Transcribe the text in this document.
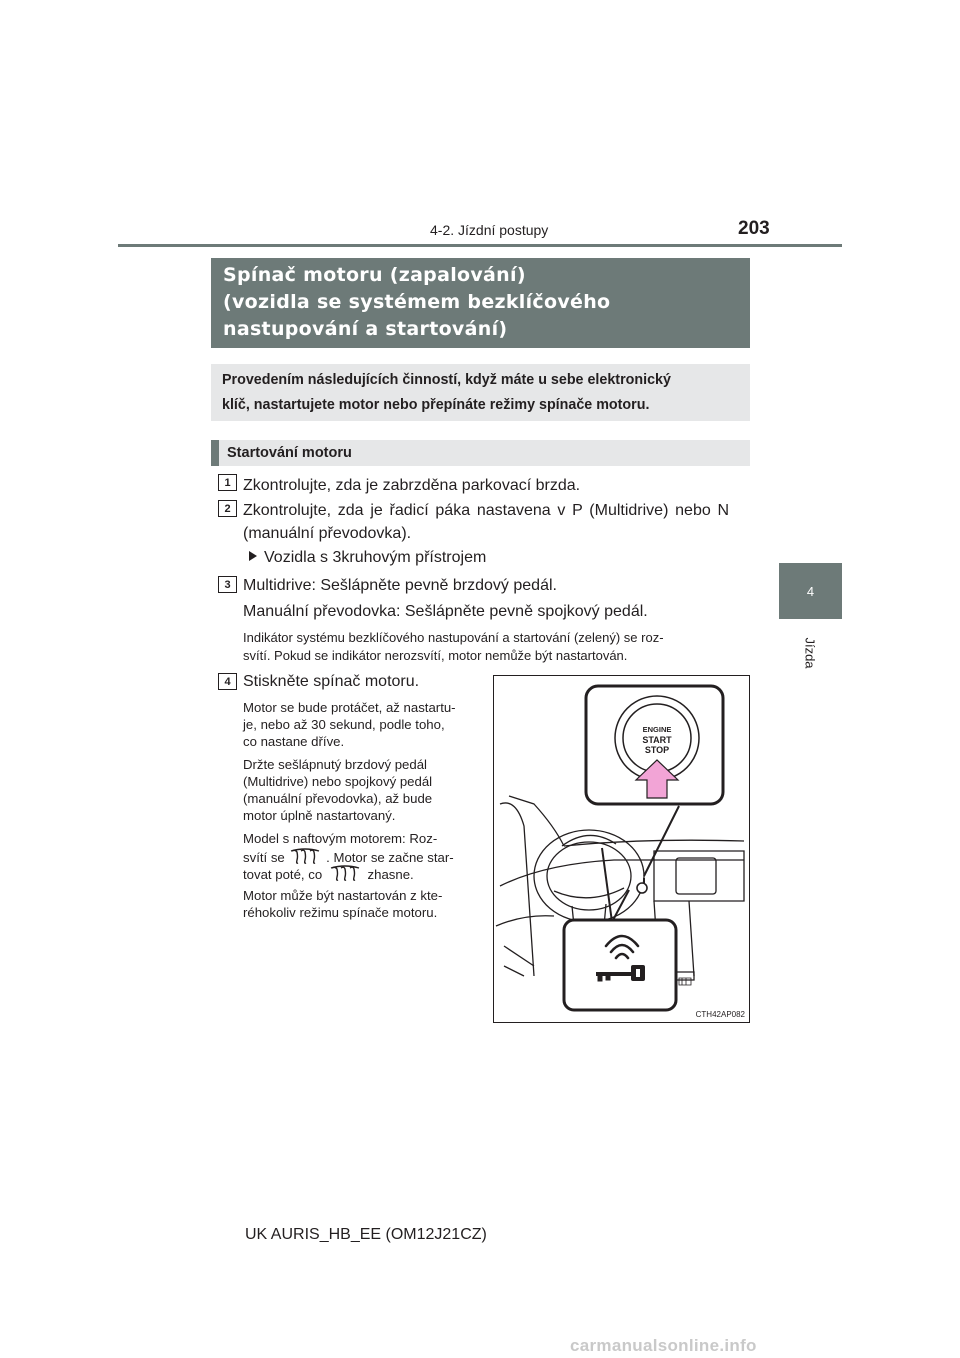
4-2. Jízdní postupy	203
4
Jízda
Spínač motoru (zapalování)
(vozidla se systémem bezklíčového
nastupování a startování)
Provedením následujících činností, když máte u sebe elektronický
klíč, nastartujete motor nebo přepínáte režimy spínače motoru.
Startování motoru
1 Zkontrolujte, zda je zabrzděna parkovací brzda.
2 Zkontrolujte, zda je řadicí páka nastavena v P (Multidrive) nebo N
(manuální převodovka).
Vozidla s 3kruhovým přístrojem
3 Multidrive: Sešlápněte pevně brzdový pedál.
Manuální převodovka: Sešlápněte pevně spojkový pedál.
Indikátor systému bezklíčového nastupování a startování (zelený) se roz-
svítí. Pokud se indikátor nerozsvítí, motor nemůže být nastartován.
4 Stiskněte spínač motoru.
Motor se bude protáčet, až nastartu-
je, nebo až 30 sekund, podle toho,
co nastane dříve.
Držte sešlápnutý brzdový pedál
(Multidrive) nebo spojkový pedál
(manuální převodovka), až bude
motor úplně nastartovaný.
Model s naftovým motorem: Roz-
svítí se	. Motor se začne star-
tovat poté, co	zhasne.
Motor může být nastartován z kte-
réhokoliv režimu spínače motoru.
ENGINE
START
STOP
CTH42AP082
UK AURIS_HB_EE (OM12J21CZ)
carmanualsonline.info
